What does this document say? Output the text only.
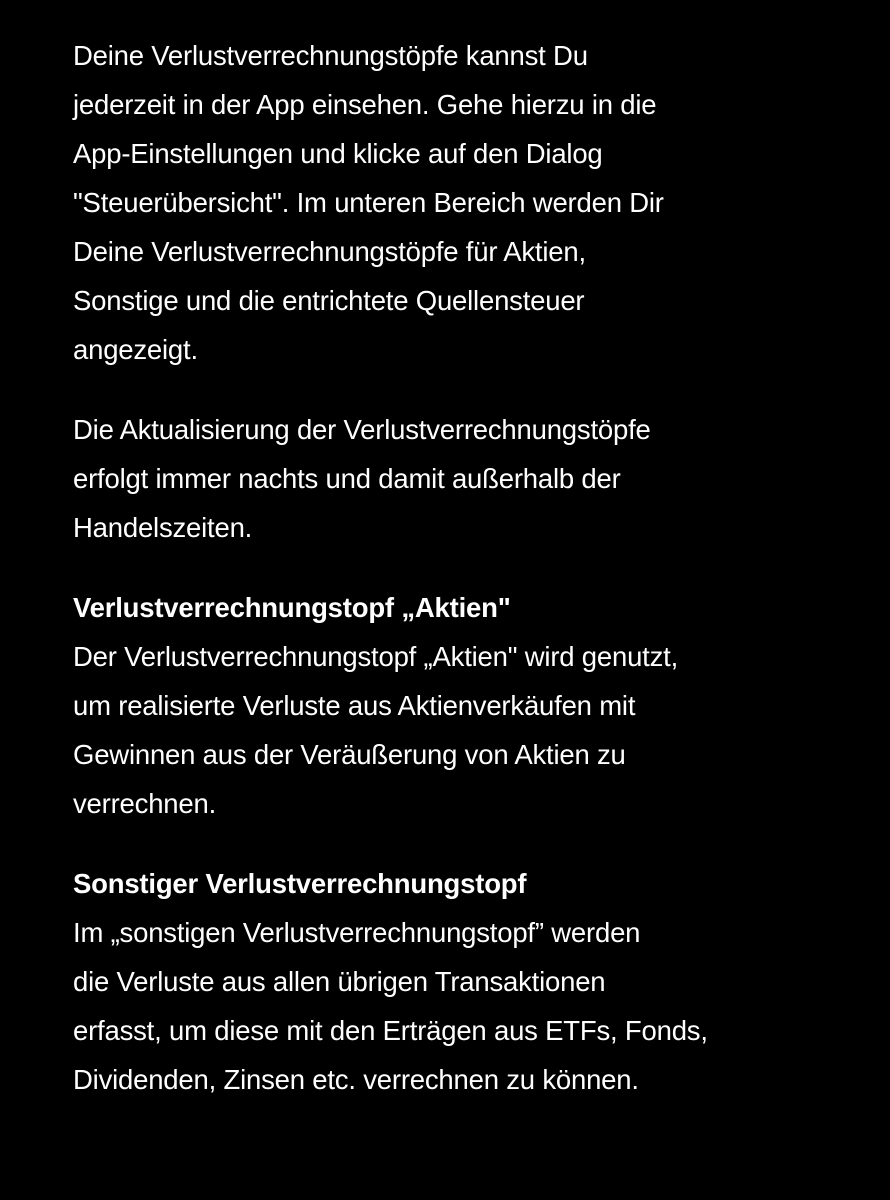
Deine Verlustverrechnungstöpfe kannst Du
jederzeit in der App einsehen. Gehe hierzu in die
App-Einstellungen und klicke auf den Dialog
"Steuerübersicht". Im unteren Bereich werden Dir
Deine Verlustverrechnungstöpfe für Aktien,
Sonstige und die entrichtete Quellensteuer
angezeigt.

Die Aktualisierung der Verlustverrechnungstöpfe
erfolgt immer nachts und damit außerhalb der
Handelszeiten.

Verlustverrechnungstopf „Aktien"
Der Verlustverrechnungstopf „Aktien" wird genutzt,
um realisierte Verluste aus Aktienverkäufen mit
Gewinnen aus der Veräußerung von Aktien zu
verrechnen.

Sonstiger Verlustverrechnungstopf
Im „sonstigen Verlustverrechnungstopf” werden
die Verluste aus allen übrigen Transaktionen
erfasst, um diese mit den Erträgen aus ETFs, Fonds,
Dividenden, Zinsen etc. verrechnen zu können.
